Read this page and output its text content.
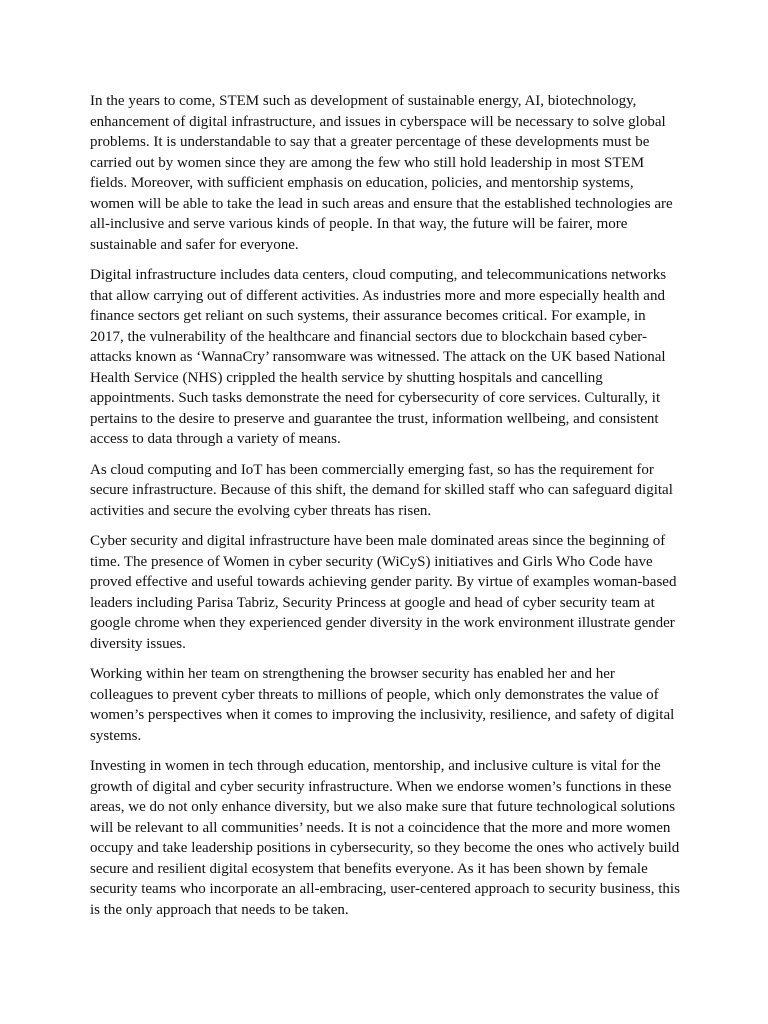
In the years to come, STEM such as development of sustainable energy, AI, biotechnology, enhancement of digital infrastructure, and issues in cyberspace will be necessary to solve global problems. It is understandable to say that a greater percentage of these developments must be carried out by women since they are among the few who still hold leadership in most STEM fields. Moreover, with sufficient emphasis on education, policies, and mentorship systems, women will be able to take the lead in such areas and ensure that the established technologies are all-inclusive and serve various kinds of people. In that way, the future will be fairer, more sustainable and safer for everyone.

Digital infrastructure includes data centers, cloud computing, and telecommunications networks that allow carrying out of different activities. As industries more and more especially health and finance sectors get reliant on such systems, their assurance becomes critical. For example, in 2017, the vulnerability of the healthcare and financial sectors due to blockchain based cyber-attacks known as ‘WannaCry’ ransomware was witnessed. The attack on the UK based National Health Service (NHS) crippled the health service by shutting hospitals and cancelling appointments. Such tasks demonstrate the need for cybersecurity of core services. Culturally, it pertains to the desire to preserve and guarantee the trust, information wellbeing, and consistent access to data through a variety of means.

As cloud computing and IoT has been commercially emerging fast, so has the requirement for secure infrastructure. Because of this shift, the demand for skilled staff who can safeguard digital activities and secure the evolving cyber threats has risen.

Cyber security and digital infrastructure have been male dominated areas since the beginning of time. The presence of Women in cyber security (WiCyS) initiatives and Girls Who Code have proved effective and useful towards achieving gender parity. By virtue of examples woman-based leaders including Parisa Tabriz, Security Princess at google and head of cyber security team at google chrome when they experienced gender diversity in the work environment illustrate gender diversity issues.

Working within her team on strengthening the browser security has enabled her and her colleagues to prevent cyber threats to millions of people, which only demonstrates the value of women’s perspectives when it comes to improving the inclusivity, resilience, and safety of digital systems.

Investing in women in tech through education, mentorship, and inclusive culture is vital for the growth of digital and cyber security infrastructure. When we endorse women’s functions in these areas, we do not only enhance diversity, but we also make sure that future technological solutions will be relevant to all communities’ needs. It is not a coincidence that the more and more women occupy and take leadership positions in cybersecurity, so they become the ones who actively build secure and resilient digital ecosystem that benefits everyone. As it has been shown by female security teams who incorporate an all-embracing, user-centered approach to security business, this is the only approach that needs to be taken.
